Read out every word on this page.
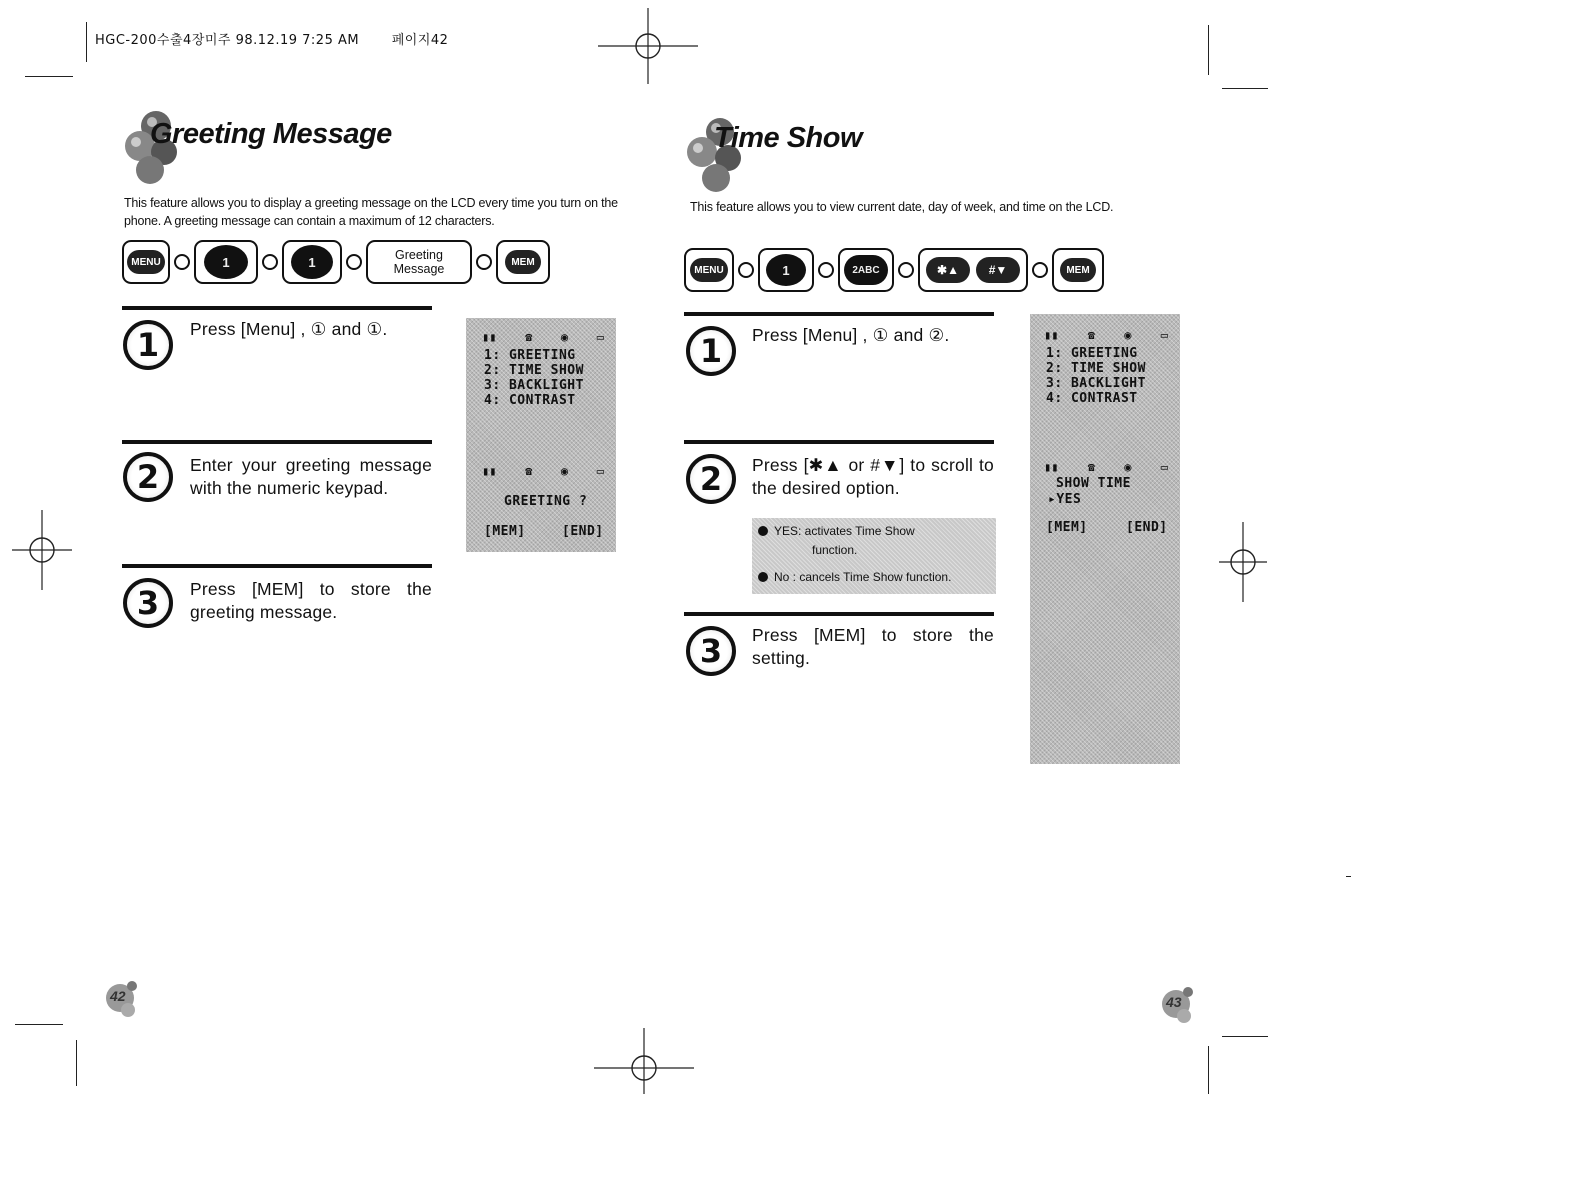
HGC-200수출4장미주 98.12.19 7:25 AM	페이지42
Greeting Message
This feature allows you to display a greeting message on the LCD every time you turn on the phone. A greeting message can contain a maximum of 12 characters.
MENU	1	1	Greeting
Message	MEM
1	Press [Menu] , ① and ①.
2	Enter your greeting message with the numeric keypad.
3	Press [MEM] to store the greeting message.
▮▮ ☎ ◉ ▭
1: GREETING
2: TIME SHOW
3: BACKLIGHT
4: CONTRAST
▮▮ ☎ ◉ ▭
GREETING ?
[MEM]	[END]
42
Time Show
This feature allows you to view current date, day of week, and time on the LCD.
MENU	1	2ABC	✱▲	#▼	MEM
1	Press [Menu] , ① and ②.
2	Press [✱▲ or #▼] to scroll to the desired option.
YES: activates Time Show
function.
No : cancels Time Show function.
3	Press [MEM] to store the setting.
▮▮ ☎ ◉ ▭
1: GREETING
2: TIME SHOW
3: BACKLIGHT
4: CONTRAST
▮▮ ☎ ◉ ▭
SHOW TIME
▸YES
[MEM]	[END]
43
